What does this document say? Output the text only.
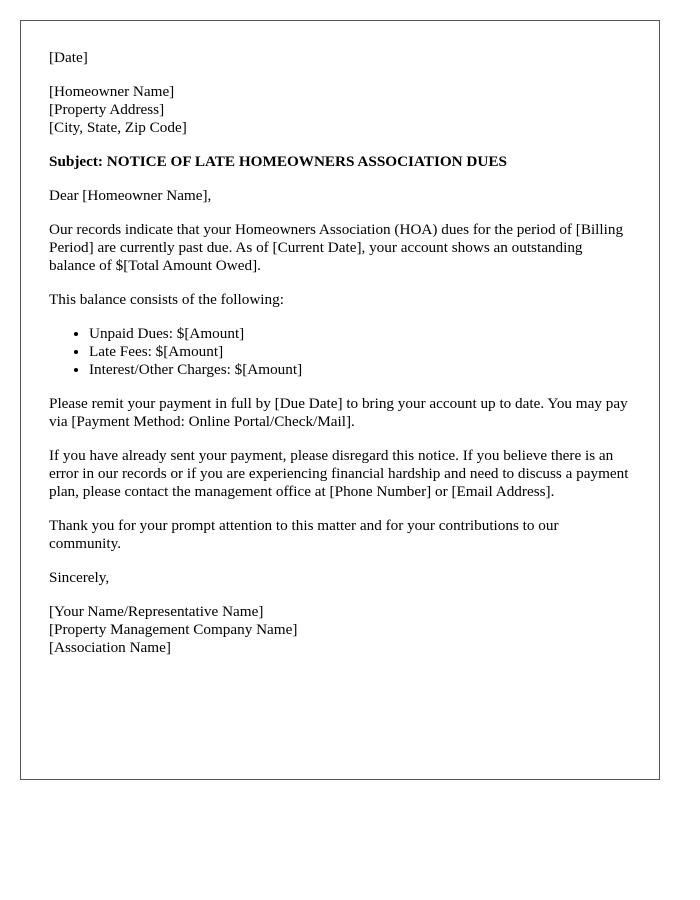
[Date]
[Homeowner Name]
[Property Address]
[City, State, Zip Code]

Subject: NOTICE OF LATE HOMEOWNERS ASSOCIATION DUES

Dear [Homeowner Name],

Our records indicate that your Homeowners Association (HOA) dues for the period of [Billing Period] are currently past due. As of [Current Date], your account shows an outstanding balance of $[Total Amount Owed].

This balance consists of the following:

• Unpaid Dues: $[Amount]
• Late Fees: $[Amount]
• Interest/Other Charges: $[Amount]

Please remit your payment in full by [Due Date] to bring your account up to date. You may pay via [Payment Method: Online Portal/Check/Mail].

If you have already sent your payment, please disregard this notice. If you believe there is an error in our records or if you are experiencing financial hardship and need to discuss a payment plan, please contact the management office at [Phone Number] or [Email Address].

Thank you for your prompt attention to this matter and for your contributions to our community.

Sincerely,

[Your Name/Representative Name]
[Property Management Company Name]
[Association Name]
